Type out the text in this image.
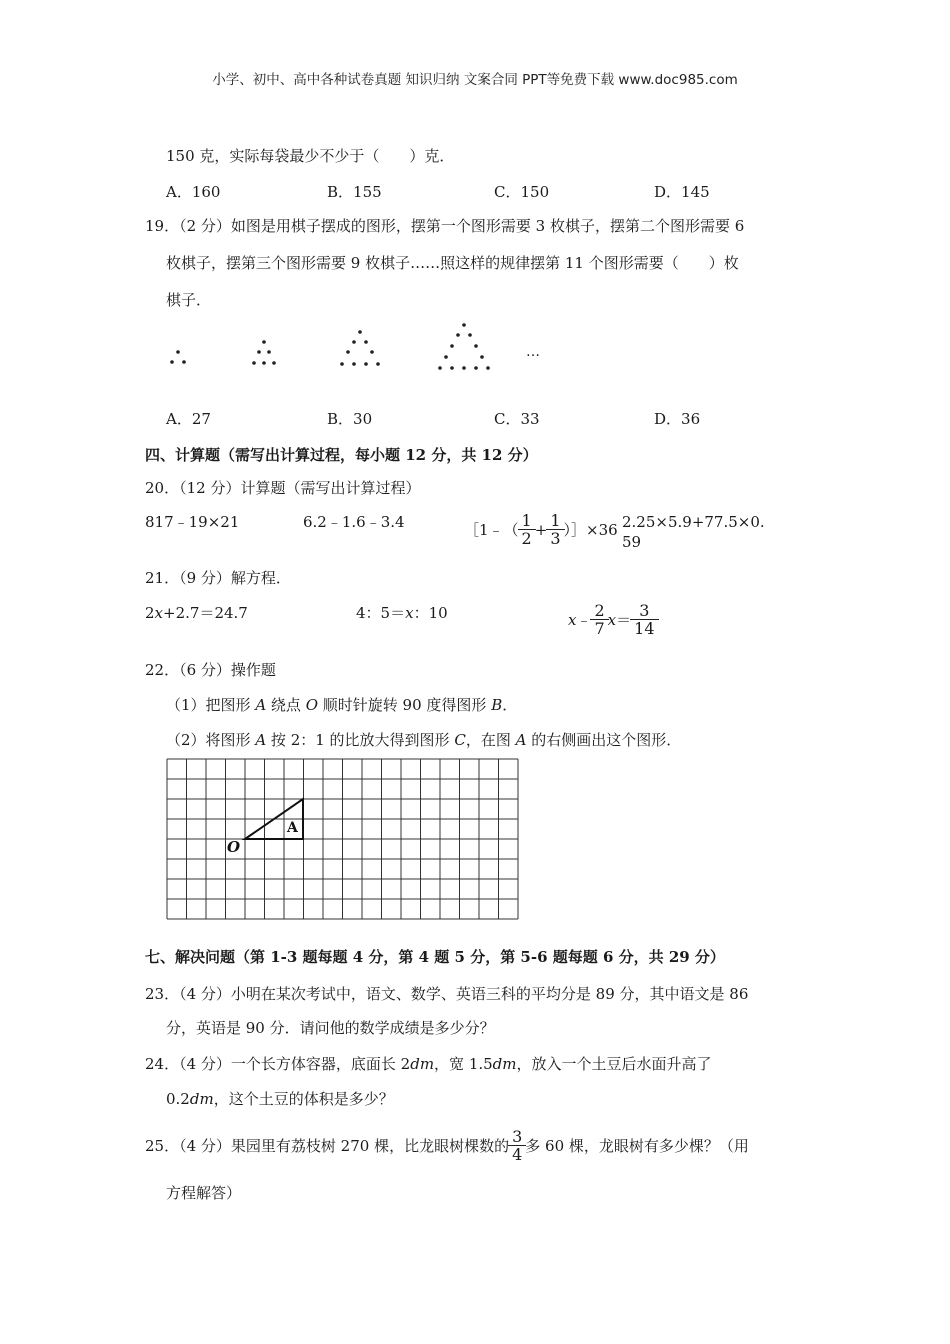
小学、初中、高中各种试卷真题 知识归纳 文案合同 PPT等免费下载 www.doc985.com
150 克，实际每袋最少不少于（　　）克．
A．160	B．155	C．150	D．145
19．（2 分）如图是用棋子摆成的图形，摆第一个图形需要 3 枚棋子，摆第二个图形需要 6
枚棋子，摆第三个图形需要 9 枚棋子……照这样的规律摆第 11 个图形需要（　　）枚
棋子．
…
A．27	B．30	C．33	D．36
四、计算题（需写出计算过程，每小题 12 分，共 12 分）
20．（12 分）计算题（需写出计算过程）
817﹣19×21	6.2﹣1.6﹣3.4	［1﹣（ $\frac{1}{2} + \frac{1}{3}$ ）］×36 2.25×5.9+77.5×0.
59
21．（9 分）解方程．
2x+2.7＝24.7	4：5＝x：10	x ﹣ $\frac{2}{7}$ $x = \frac{3}{14}$
22．（6 分）操作题
（1）把图形 A 绕点 O 顺时针旋转 90 度得图形 B．
（2）将图形 A 按 2：1 的比放大得到图形 C，在图 A 的右侧画出这个图形．
A
O
七、解决问题（第 1-3 题每题 4 分，第 4 题 5 分，第 5-6 题每题 6 分，共 29 分）
23．（4 分）小明在某次考试中，语文、数学、英语三科的平均分是 89 分，其中语文是 86
分，英语是 90 分．请问他的数学成绩是多少分？
24．（4 分）一个长方体容器，底面长 2dm，宽 1.5dm，放入一个土豆后水面升高了
0.2dm，这个土豆的体积是多少？
25．（4 分）果园里有荔枝树 270 棵，比龙眼树棵数的 $\frac{3}{4}$ 多 60 棵，龙眼树有多少棵？（用
方程解答）
